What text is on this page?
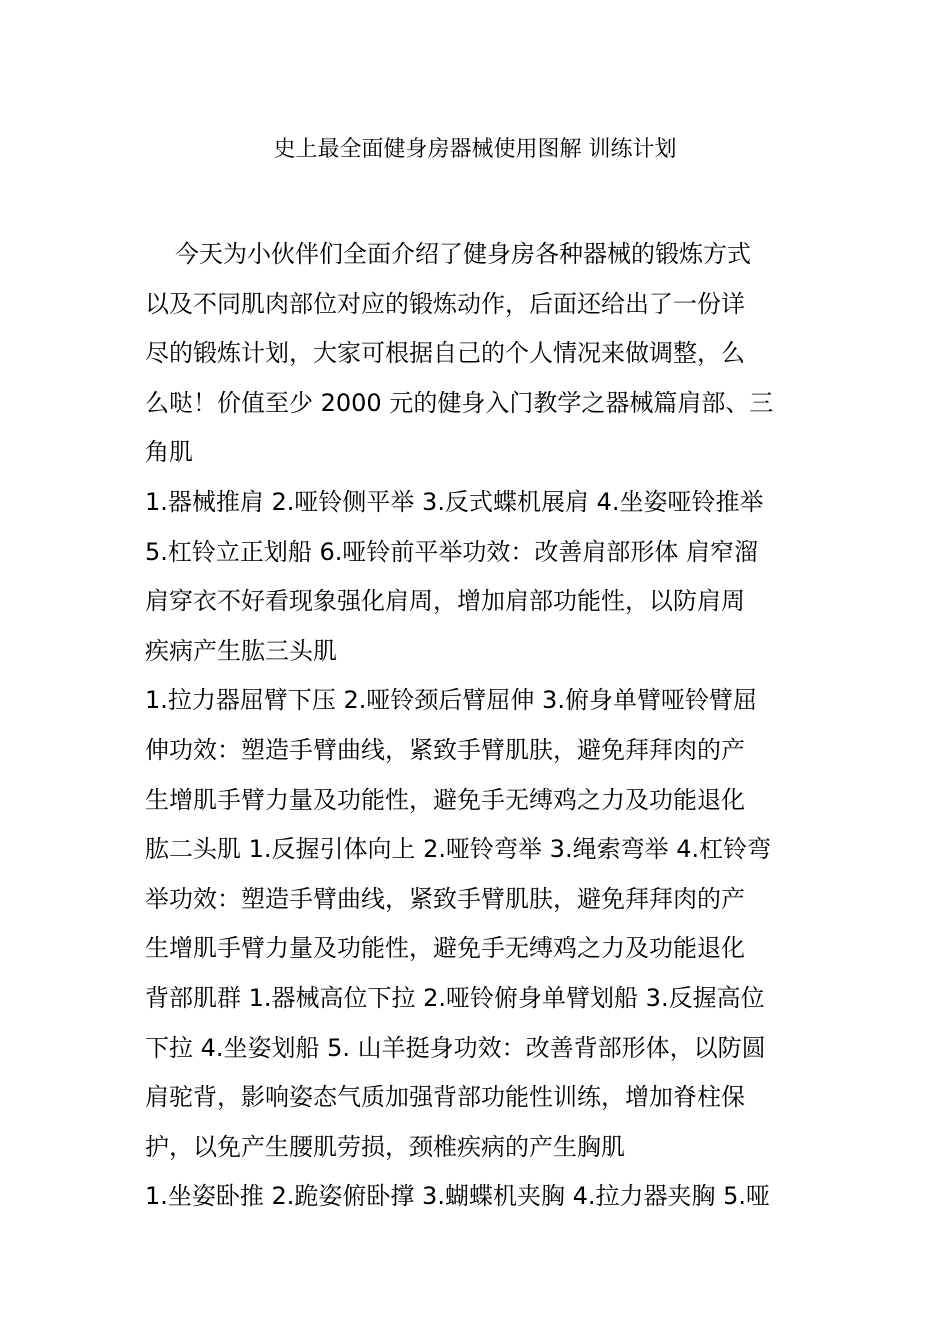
史上最全面健身房器械使用图解 训练计划
今天为小伙伴们全面介绍了健身房各种器械的锻炼方式
以及不同肌肉部位对应的锻炼动作，后面还给出了一份详
尽的锻炼计划，大家可根据自己的个人情况来做调整，么
么哒！价值至少 2000 元的健身入门教学之器械篇肩部、三
角肌
1.器械推肩 2.哑铃侧平举 3.反式蝶机展肩 4.坐姿哑铃推举
5.杠铃立正划船 6.哑铃前平举功效：改善肩部形体 肩窄溜
肩穿衣不好看现象强化肩周，增加肩部功能性，以防肩周
疾病产生肱三头肌
1.拉力器屈臂下压 2.哑铃颈后臂屈伸 3.俯身单臂哑铃臂屈
伸功效：塑造手臂曲线，紧致手臂肌肤，避免拜拜肉的产
生增肌手臂力量及功能性，避免手无缚鸡之力及功能退化
肱二头肌 1.反握引体向上 2.哑铃弯举 3.绳索弯举 4.杠铃弯
举功效：塑造手臂曲线，紧致手臂肌肤，避免拜拜肉的产
生增肌手臂力量及功能性，避免手无缚鸡之力及功能退化
背部肌群 1.器械高位下拉 2.哑铃俯身单臂划船 3.反握高位
下拉 4.坐姿划船 5. 山羊挺身功效：改善背部形体，以防圆
肩驼背，影响姿态气质加强背部功能性训练，增加脊柱保
护，以免产生腰肌劳损，颈椎疾病的产生胸肌
1.坐姿卧推 2.跪姿俯卧撑 3.蝴蝶机夹胸 4.拉力器夹胸 5.哑
